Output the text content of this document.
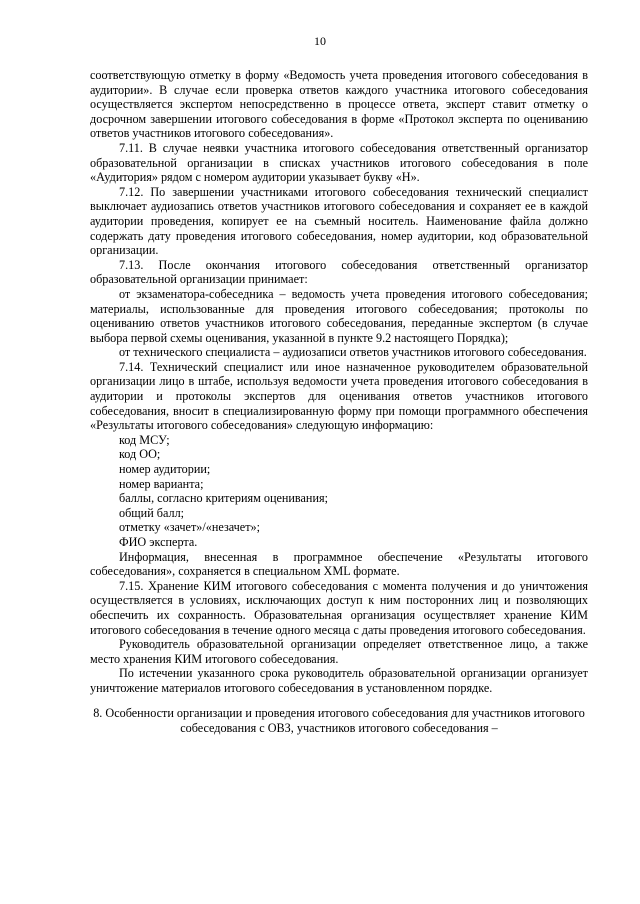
10

соответствующую отметку в форму «Ведомость учета проведения итогового собеседования в аудитории». В случае если проверка ответов каждого участника итогового собеседования осуществляется экспертом непосредственно в процессе ответа, эксперт ставит отметку о досрочном завершении итогового собеседования в форме «Протокол эксперта по оцениванию ответов участников итогового собеседования».

7.11. В случае неявки участника итогового собеседования ответственный организатор образовательной организации в списках участников итогового собеседования в поле «Аудитория» рядом с номером аудитории указывает букву «Н».

7.12. По завершении участниками итогового собеседования технический специалист выключает аудиозапись ответов участников итогового собеседования и сохраняет ее в каждой аудитории проведения, копирует ее на съемный носитель. Наименование файла должно содержать дату проведения итогового собеседования, номер аудитории, код образовательной организации.

7.13. После окончания итогового собеседования ответственный организатор образовательной организации принимает:

от экзаменатора-собеседника – ведомость учета проведения итогового собеседования; материалы, использованные для проведения итогового собеседования; протоколы по оцениванию ответов участников итогового собеседования, переданные экспертом (в случае выбора первой схемы оценивания, указанной в пункте 9.2 настоящего Порядка);

от технического специалиста – аудиозаписи ответов участников итогового собеседования.

7.14. Технический специалист или иное назначенное руководителем образовательной организации лицо в штабе, используя ведомости учета проведения итогового собеседования в аудитории и протоколы экспертов для оценивания ответов участников итогового собеседования, вносит в специализированную форму при помощи программного обеспечения «Результаты итогового собеседования» следующую информацию:

код МСУ;
код ОО;
номер аудитории;
номер варианта;
баллы, согласно критериям оценивания;
общий балл;
отметку «зачет»/«незачет»;
ФИО эксперта.

Информация, внесенная в программное обеспечение «Результаты итогового собеседования», сохраняется в специальном XML формате.

7.15. Хранение КИМ итогового собеседования с момента получения и до уничтожения осуществляется в условиях, исключающих доступ к ним посторонних лиц и позволяющих обеспечить их сохранность. Образовательная организация осуществляет хранение КИМ итогового собеседования в течение одного месяца с даты проведения итогового собеседования.

Руководитель образовательной организации определяет ответственное лицо, а также место хранения КИМ итогового собеседования.

По истечении указанного срока руководитель образовательной организации организует уничтожение материалов итогового собеседования в установленном порядке.

8. Особенности организации и проведения итогового собеседования для участников итогового собеседования с ОВЗ, участников итогового собеседования –
